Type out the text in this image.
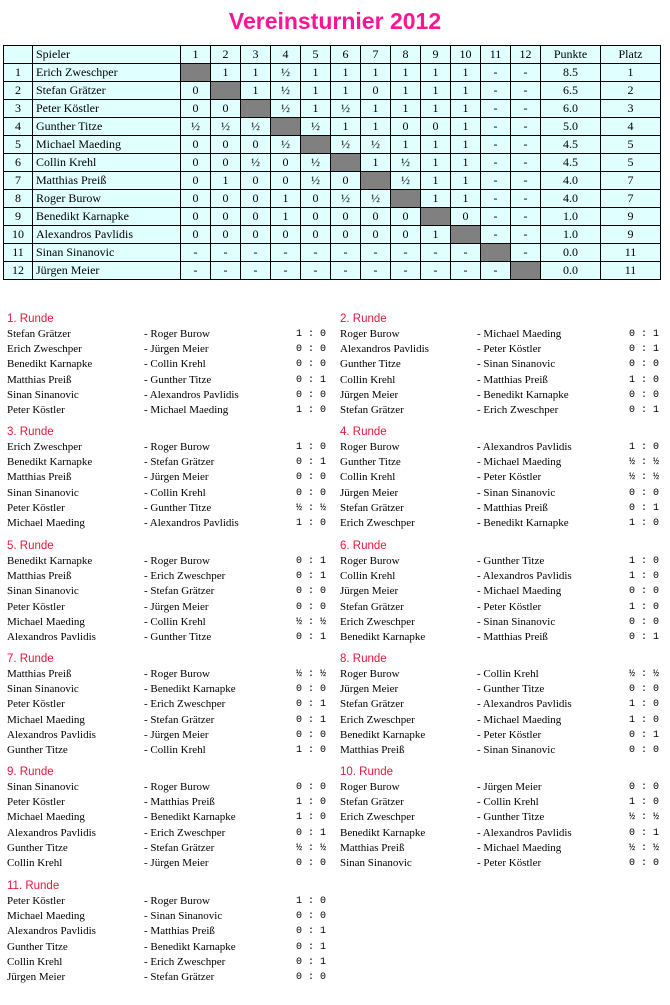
Vereinsturnier 2012
	Spieler	1	2	3	4	5	6	7	8	9	10	11	12	Punkte	Platz
1	Erich Zweschper		1	1	½	1	1	1	1	1	1	-	-	8.5	1
2	Stefan Grätzer	0		1	½	1	1	0	1	1	1	-	-	6.5	2
3	Peter Köstler	0	0		½	1	½	1	1	1	1	-	-	6.0	3
4	Gunther Titze	½	½	½		½	1	1	0	0	1	-	-	5.0	4
5	Michael Maeding	0	0	0	½		½	½	1	1	1	-	-	4.5	5
6	Collin Krehl	0	0	½	0	½		1	½	1	1	-	-	4.5	5
7	Matthias Preiß	0	1	0	0	½	0		½	1	1	-	-	4.0	7
8	Roger Burow	0	0	0	1	0	½	½		1	1	-	-	4.0	7
9	Benedikt Karnapke	0	0	0	1	0	0	0	0		0	-	-	1.0	9
10	Alexandros Pavlidis	0	0	0	0	0	0	0	0	1		-	-	1.0	9
11	Sinan Sinanovic	-	-	-	-	-	-	-	-	-	-		-	0.0	11
12	Jürgen Meier	-	-	-	-	-	-	-	-	-	-	-		0.0	11
1. Runde
Stefan Grätzer	- Roger Burow	1 : 0
Erich Zweschper	- Jürgen Meier	0 : 0
Benedikt Karnapke	- Collin Krehl	0 : 0
Matthias Preiß	- Gunther Titze	0 : 1
Sinan Sinanovic	- Alexandros Pavlidis	0 : 0
Peter Köstler	- Michael Maeding	1 : 0
2. Runde
Roger Burow	- Michael Maeding	0 : 1
Alexandros Pavlidis	- Peter Köstler	0 : 1
Gunther Titze	- Sinan Sinanovic	0 : 0
Collin Krehl	- Matthias Preiß	1 : 0
Jürgen Meier	- Benedikt Karnapke	0 : 0
Stefan Grätzer	- Erich Zweschper	0 : 1
3. Runde
Erich Zweschper	- Roger Burow	1 : 0
Benedikt Karnapke	- Stefan Grätzer	0 : 1
Matthias Preiß	- Jürgen Meier	0 : 0
Sinan Sinanovic	- Collin Krehl	0 : 0
Peter Köstler	- Gunther Titze	½ : ½
Michael Maeding	- Alexandros Pavlidis	1 : 0
4. Runde
Roger Burow	- Alexandros Pavlidis	1 : 0
Gunther Titze	- Michael Maeding	½ : ½
Collin Krehl	- Peter Köstler	½ : ½
Jürgen Meier	- Sinan Sinanovic	0 : 0
Stefan Grätzer	- Matthias Preiß	0 : 1
Erich Zweschper	- Benedikt Karnapke	1 : 0
5. Runde
Benedikt Karnapke	- Roger Burow	0 : 1
Matthias Preiß	- Erich Zweschper	0 : 1
Sinan Sinanovic	- Stefan Grätzer	0 : 0
Peter Köstler	- Jürgen Meier	0 : 0
Michael Maeding	- Collin Krehl	½ : ½
Alexandros Pavlidis	- Gunther Titze	0 : 1
6. Runde
Roger Burow	- Gunther Titze	1 : 0
Collin Krehl	- Alexandros Pavlidis	1 : 0
Jürgen Meier	- Michael Maeding	0 : 0
Stefan Grätzer	- Peter Köstler	1 : 0
Erich Zweschper	- Sinan Sinanovic	0 : 0
Benedikt Karnapke	- Matthias Preiß	0 : 1
7. Runde
Matthias Preiß	- Roger Burow	½ : ½
Sinan Sinanovic	- Benedikt Karnapke	0 : 0
Peter Köstler	- Erich Zweschper	0 : 1
Michael Maeding	- Stefan Grätzer	0 : 1
Alexandros Pavlidis	- Jürgen Meier	0 : 0
Gunther Titze	- Collin Krehl	1 : 0
8. Runde
Roger Burow	- Collin Krehl	½ : ½
Jürgen Meier	- Gunther Titze	0 : 0
Stefan Grätzer	- Alexandros Pavlidis	1 : 0
Erich Zweschper	- Michael Maeding	1 : 0
Benedikt Karnapke	- Peter Köstler	0 : 1
Matthias Preiß	- Sinan Sinanovic	0 : 0
9. Runde
Sinan Sinanovic	- Roger Burow	0 : 0
Peter Köstler	- Matthias Preiß	1 : 0
Michael Maeding	- Benedikt Karnapke	1 : 0
Alexandros Pavlidis	- Erich Zweschper	0 : 1
Gunther Titze	- Stefan Grätzer	½ : ½
Collin Krehl	- Jürgen Meier	0 : 0
10. Runde
Roger Burow	- Jürgen Meier	0 : 0
Stefan Grätzer	- Collin Krehl	1 : 0
Erich Zweschper	- Gunther Titze	½ : ½
Benedikt Karnapke	- Alexandros Pavlidis	0 : 1
Matthias Preiß	- Michael Maeding	½ : ½
Sinan Sinanovic	- Peter Köstler	0 : 0
11. Runde
Peter Köstler	- Roger Burow	1 : 0
Michael Maeding	- Sinan Sinanovic	0 : 0
Alexandros Pavlidis	- Matthias Preiß	0 : 1
Gunther Titze	- Benedikt Karnapke	0 : 1
Collin Krehl	- Erich Zweschper	0 : 1
Jürgen Meier	- Stefan Grätzer	0 : 0
